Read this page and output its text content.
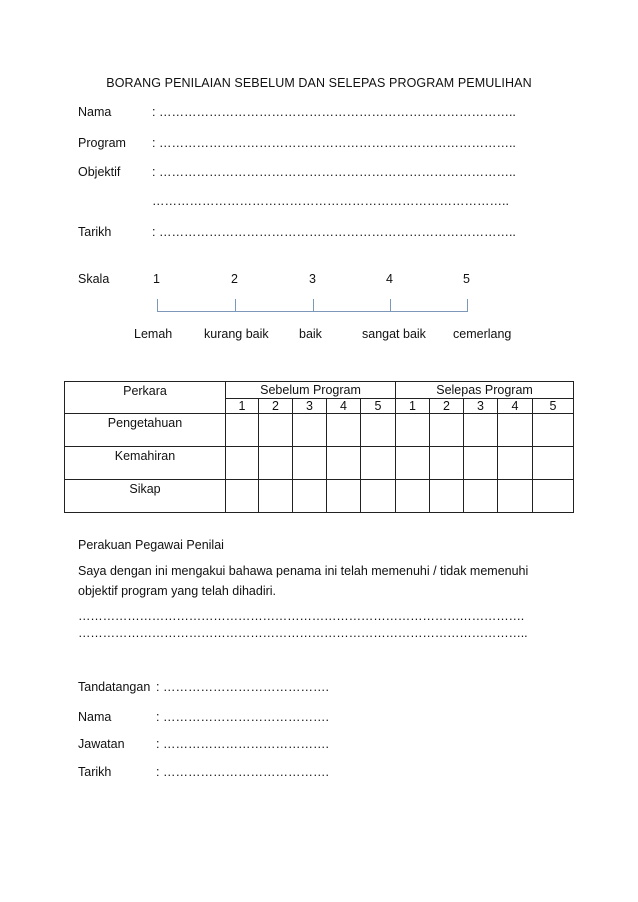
BORANG PENILAIAN SEBELUM DAN SELEPAS PROGRAM PEMULIHAN
Nama	: …………………………………………………………………………..
Program : …………………………………………………………………………..
Objektif	: …………………………………………………………………………..
…………………………………………………………………………..
Tarikh	: …………………………………………………………………………..
Skala	1	2	3	4	5
Lemah	kurang baik baik	sangat baik cemerlang
Perkara	Sebelum Program					Selepas Program				
	1	2	3	4	5	1	2	3	4	5
Pengetahuan										
Kemahiran										
Sikap										
Perakuan Pegawai Penilai
Saya dengan ini mengakui bahawa penama ini telah memenuhi / tidak memenuhi objektif program yang telah dihadiri.
……………………………………………………………………………………………….
………………………………………………………………………………………………..
Tandatangan : ………………………………….
Nama	: ………………………………….
Jawatan	: ………………………………….
Tarikh	: ………………………………….
